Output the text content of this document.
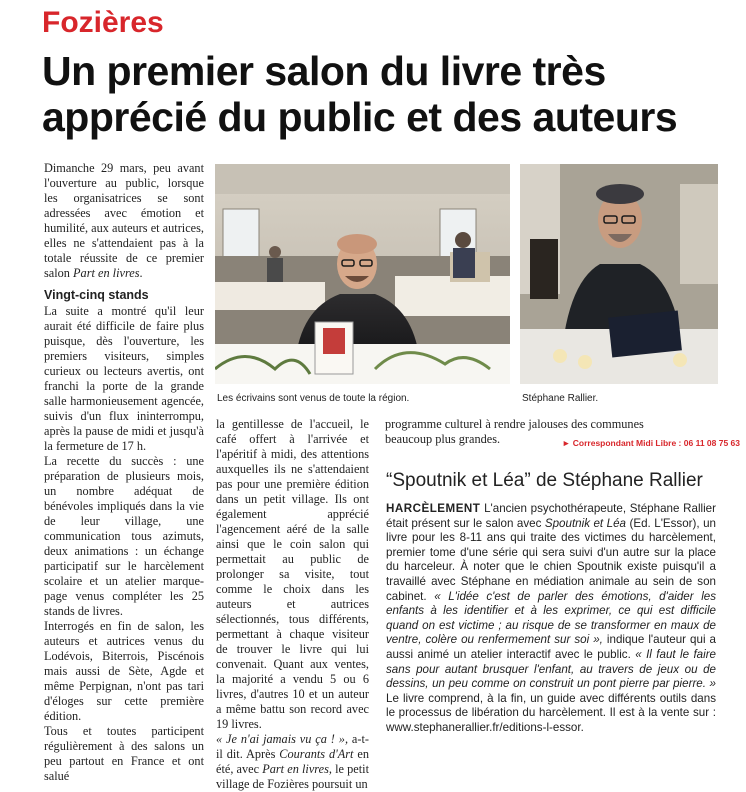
Fozières
Un premier salon du livre très apprécié du public et des auteurs

Dimanche 29 mars, peu avant l'ouverture au public, lorsque les organisatrices se sont adressées avec émotion et humilité, aux auteurs et autrices, elles ne s'attendaient pas à la totale réussite de ce premier salon Part en livres.

Vingt-cinq stands

La suite a montré qu'il leur aurait été difficile de faire plus puisque, dès l'ouverture, les premiers visiteurs, simples curieux ou lecteurs avertis, ont franchi la porte de la grande salle harmonieusement agencée, suivis d'un flux ininterrompu, après la pause de midi et jusqu'à la fermeture de 17 h.

La recette du succès : une préparation de plusieurs mois, un nombre adéquat de bénévoles impliqués dans la vie de leur village, une communication tous azimuts, deux animations : un échange participatif sur le harcèlement scolaire et un atelier marque-page venus compléter les 25 stands de livres.

Interrogés en fin de salon, les auteurs et autrices venus du Lodévois, Biterrois, Piscénois mais aussi de Sète, Agde et même Perpignan, n'ont pas tari d'éloges sur cette première édition.

Tous et toutes participent régulièrement à des salons un peu partout en France et ont salué

Les écrivains sont venus de toute la région.	Stéphane Rallier.

la gentillesse de l'accueil, le café offert à l'arrivée et l'apéritif à midi, des attentions auxquelles ils ne s'attendaient pas pour une première édition dans un petit village. Ils ont également apprécié l'agencement aéré de la salle ainsi que le coin salon qui permettait au public de prolonger sa visite, tout comme le choix dans les auteurs et autrices sélectionnés, tous différents, permettant à chaque visiteur de trouver le livre qui lui convenait. Quant aux ventes, la majorité a vendu 5 ou 6 livres, d'autres 10 et un auteur a même battu son record avec 19 livres.

« Je n'ai jamais vu ça ! », a-t-il dit. Après Courants d'Art en été, avec Part en livres, le petit village de Fozières poursuit un

programme culturel à rendre jalouses des communes beaucoup plus grandes.	► Correspondant Midi Libre : 06 11 08 75 63
“Spoutnik et Léa” de Stéphane Rallier
HARCÈLEMENT L'ancien psychothérapeute, Stéphane Rallier était présent sur le salon avec Spoutnik et Léa (Ed. L'Essor), un livre pour les 8-11 ans qui traite des victimes du harcèlement, premier tome d'une série qui sera suivi d'un autre sur la place du harceleur. À noter que le chien Spoutnik existe puisqu'il a travaillé avec Stéphane en médiation animale au sein de son cabinet. « L'idée c'est de parler des émotions, d'aider les enfants à les identifier et à les exprimer, ce qui est difficile quand on est victime ; au risque de se transformer en maux de ventre, colère ou renfermement sur soi », indique l'auteur qui a aussi animé un atelier interactif avec le public. « Il faut le faire sans pour autant brusquer l'enfant, au travers de jeux ou de dessins, un peu comme on construit un pont pierre par pierre. » Le livre comprend, à la fin, un guide avec différents outils dans le processus de libération du harcèlement. Il est à la vente sur : www.stephanerallier.fr/editions-l-essor.
